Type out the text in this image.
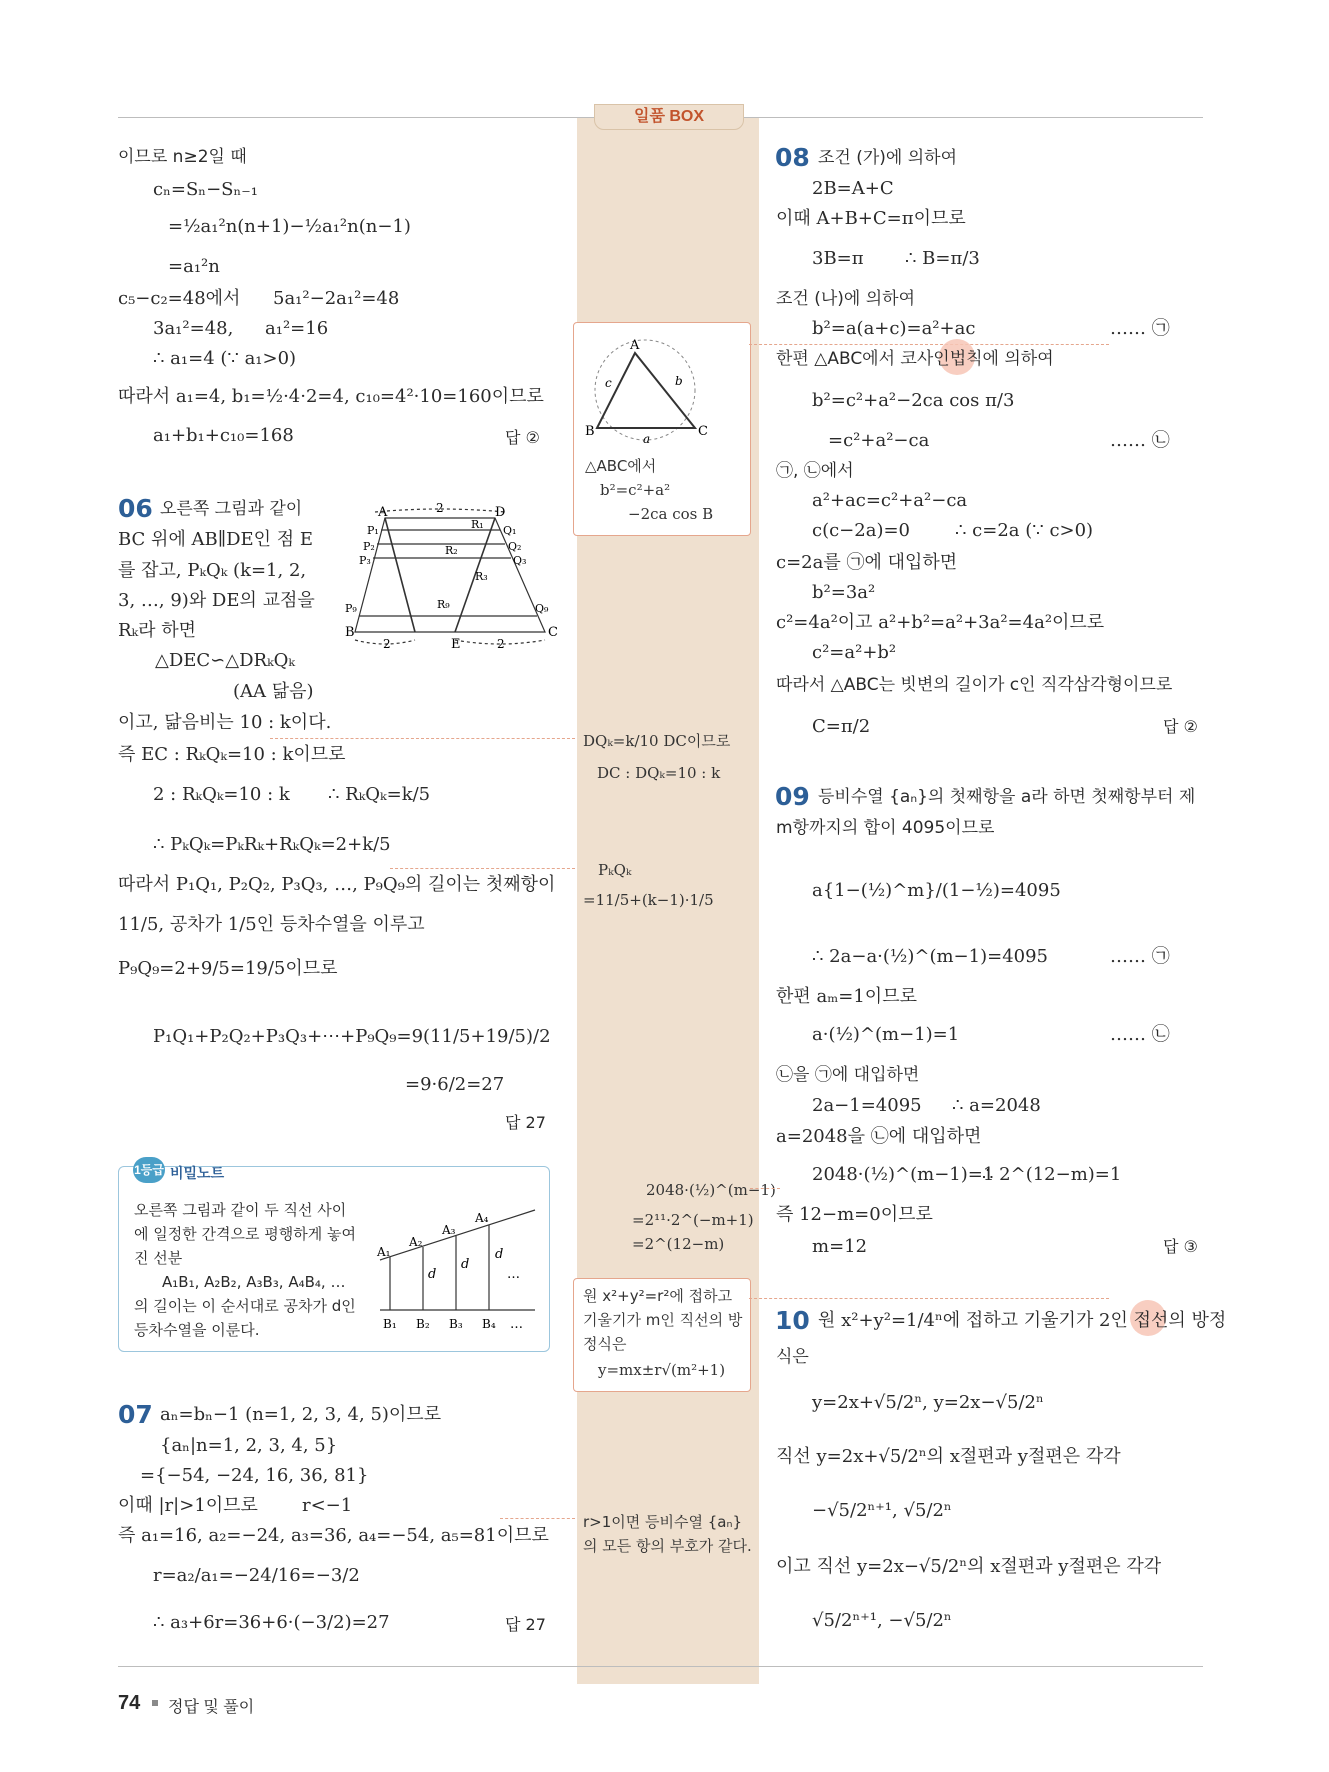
일품 BOX
74 정답 및 풀이
이므로 n≥2일 때
cₙ=Sₙ−Sₙ₋₁
=½a₁²n(n+1)−½a₁²n(n−1)
=a₁²n
c₅−c₂=48에서 5a₁²−2a₁²=48
3a₁²=48, a₁²=16
∴ a₁=4 (∵ a₁>0)
따라서 a₁=4, b₁=½·4·2=4, c₁₀=4²·10=160이므로
a₁+b₁+c₁₀=168	답 ②
06 오른쪽 그림과 같이
BC 위에 AB∥DE인 점 E
를 잡고, PₖQₖ (k=1, 2,
3, …, 9)와 DE의 교점을
Rₖ라 하면
△DEC∽△DRₖQₖ
(AA 닮음)
이고, 닮음비는 10 : k이다.
즉 EC : RₖQₖ=10 : k이므로
2 : RₖQₖ=10 : k ∴ RₖQₖ=k/5
∴ PₖQₖ=PₖRₖ+RₖQₖ=2+k/5
따라서 P₁Q₁, P₂Q₂, P₃Q₃, …, P₉Q₉의 길이는 첫째항이
11/5, 공차가 1/5인 등차수열을 이루고
P₉Q₉=2+9/5=19/5이므로
P₁Q₁+P₂Q₂+P₃Q₃+⋯+P₉Q₉=9(11/5+19/5)/2
=9·6/2=27
답 27
A	D
B	C
E
2
2	2
P₁
P₂
P₃
P₉
Q₁
Q₂
Q₃
Q₉
R₁
R₂
R₃
R₉
1등급 비밀노트
오른쪽 그림과 같이 두 직선 사이
에 일정한 간격으로 평행하게 놓여
진 선분
A₁B₁, A₂B₂, A₃B₃, A₄B₄, …
의 길이는 이 순서대로 공차가 d인
등차수열을 이룬다.
A₁
A₂
A₃
A₄
B₁ B₂ B₃ B₄
d
d
d
…
…
07 aₙ=bₙ−1 (n=1, 2, 3, 4, 5)이므로
{aₙ|n=1, 2, 3, 4, 5}
={−54, −24, 16, 36, 81}
이때 |r|>1이므로 r<−1
즉 a₁=16, a₂=−24, a₃=36, a₄=−54, a₅=81이므로
r=a₂/a₁=−24/16=−3/2
∴ a₃+6r=36+6·(−3/2)=27	답 27
A
B	C
a
b
c
△ABC에서
b²=c²+a²
−2ca cos B
DQₖ=k/10 DC이므로
DC : DQₖ=10 : k
PₖQₖ
=11/5+(k−1)·1/5
2048·(½)^(m−1)
=2¹¹·2^(−m+1)
=2^(12−m)
원 x²+y²=r²에 접하고
기울기가 m인 직선의 방
정식은
y=mx±r√(m²+1)
r>1이면 등비수열 {aₙ}
의 모든 항의 부호가 같다.
08 조건 (가)에 의하여
2B=A+C
이때 A+B+C=π이므로
3B=π ∴ B=π/3
조건 (나)에 의하여
b²=a(a+c)=a²+ac	…… ㉠
한편 △ABC에서 코사인법칙에 의하여
b²=c²+a²−2ca cos π/3
=c²+a²−ca	…… ㉡
㉠, ㉡에서
a²+ac=c²+a²−ca
c(c−2a)=0 ∴ c=2a (∵ c>0)
c=2a를 ㉠에 대입하면
b²=3a²
c²=4a²이고 a²+b²=a²+3a²=4a²이므로
c²=a²+b²
따라서 △ABC는 빗변의 길이가 c인 직각삼각형이므로
C=π/2	답 ②
09 등비수열 {aₙ}의 첫째항을 a라 하면 첫째항부터 제
m항까지의 합이 4095이므로
a{1−(½)^m}/(1−½)=4095
∴ 2a−a·(½)^(m−1)=4095	…… ㉠
한편 aₘ=1이므로
a·(½)^(m−1)=1	…… ㉡
㉡을 ㉠에 대입하면
2a−1=4095 ∴ a=2048
a=2048을 ㉡에 대입하면
2048·(½)^(m−1)=1
∴ 2^(12−m)=1
즉 12−m=0이므로
m=12	답 ③
10 원 x²+y²=1/4ⁿ에 접하고 기울기가 2인 접선의 방정
식은
y=2x+√5/2ⁿ, y=2x−√5/2ⁿ
직선 y=2x+√5/2ⁿ의 x절편과 y절편은 각각
−√5/2ⁿ⁺¹, √5/2ⁿ
이고 직선 y=2x−√5/2ⁿ의 x절편과 y절편은 각각
√5/2ⁿ⁺¹, −√5/2ⁿ
